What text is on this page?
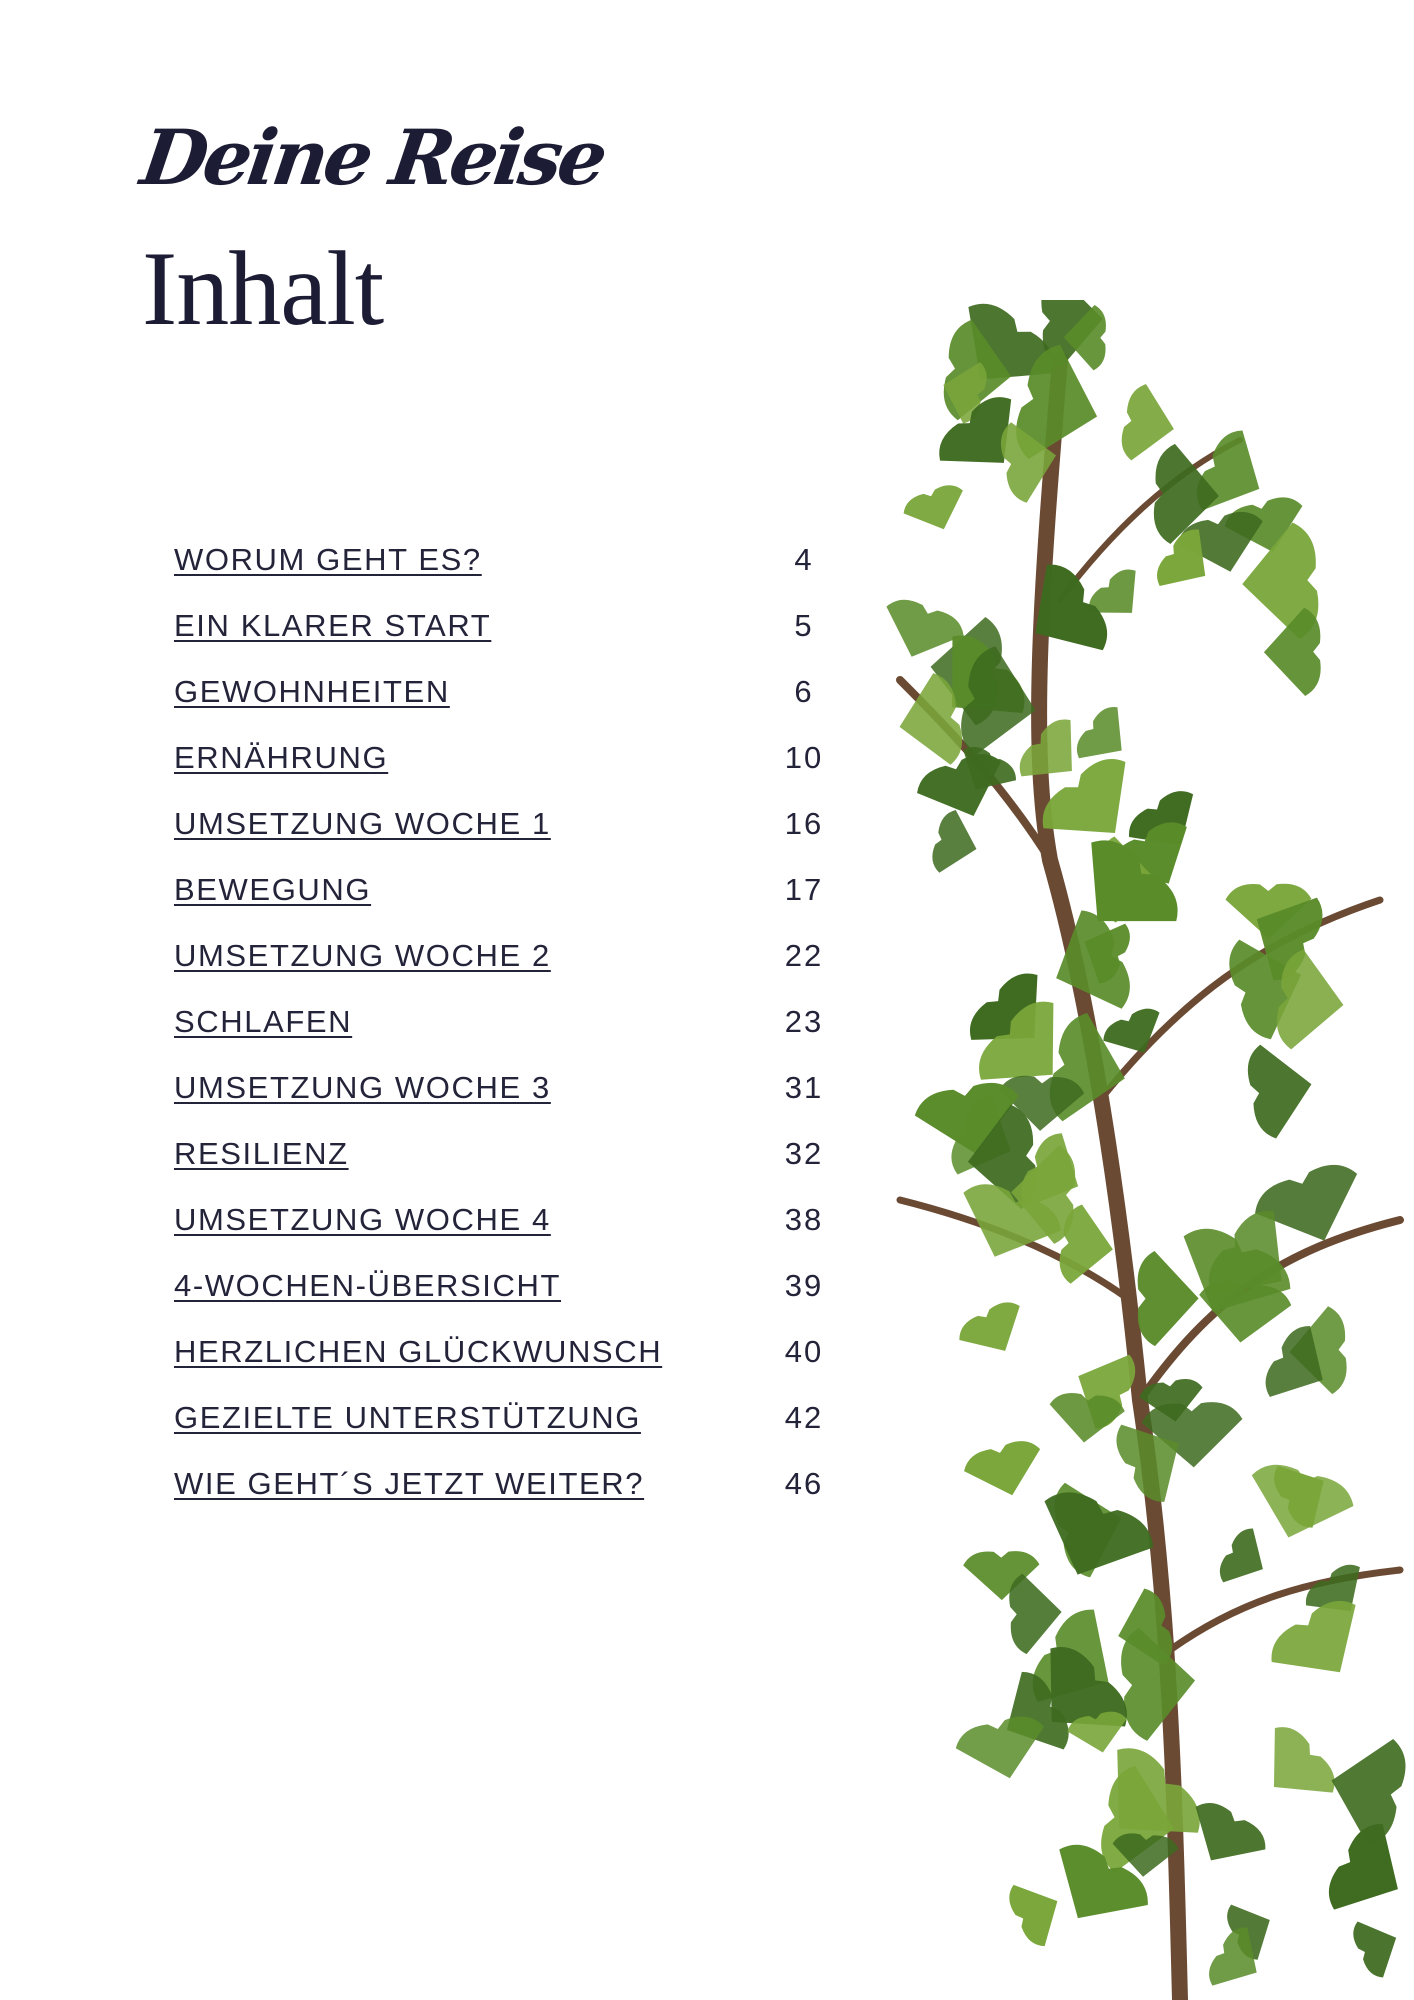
Deine Reise
Inhalt
WORUM GEHT ES?	4
EIN KLARER START	5
GEWOHNHEITEN	6
ERNÄHRUNG	10
UMSETZUNG WOCHE 1	16
BEWEGUNG	17
UMSETZUNG WOCHE 2	22
SCHLAFEN	23
UMSETZUNG WOCHE 3	31
RESILIENZ	32
UMSETZUNG WOCHE 4	38
4-WOCHEN-ÜBERSICHT	39
HERZLICHEN GLÜCKWUNSCH	40
GEZIELTE UNTERSTÜTZUNG	42
WIE GEHT´S JETZT WEITER?	46
